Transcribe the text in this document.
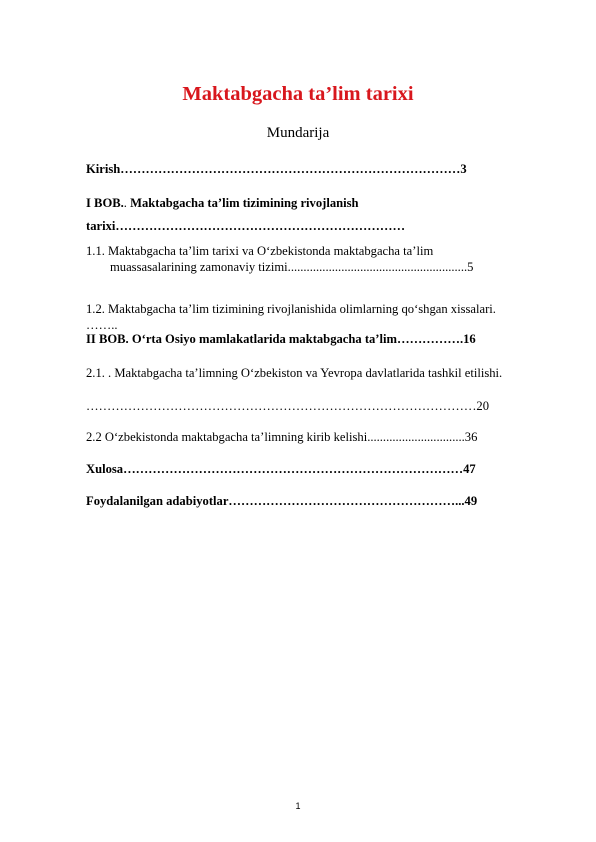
Maktabgacha ta’lim tarixi
Mundarija
Kirish………………………………………………………………………3
I BOB.. Maktabgacha ta’lim tizimining rivojlanish
tarixi……………………………………………………………
1.1. Maktabgacha ta’lim tarixi va O‘zbekistonda maktabgacha ta’lim
muassasalarining zamonaviy tizimi.........................................................5
1.2. Maktabgacha ta’lim tizimining rivojlanishida olimlarning qo‘shgan xissalari.
……..
II BOB. O‘rta Osiyo mamlakatlarida maktabgacha ta’lim…………….16
2.1. . Maktabgacha ta’limning O‘zbekiston va Yevropa davlatlarida tashkil etilishi.
…………………………………………………………………………………20
2.2 O‘zbekistonda maktabgacha ta’limning kirib kelishi...............................36
Xulosa………………………………………………………………………47
Foydalanilgan adabiyotlar………………………………………………...49
1
